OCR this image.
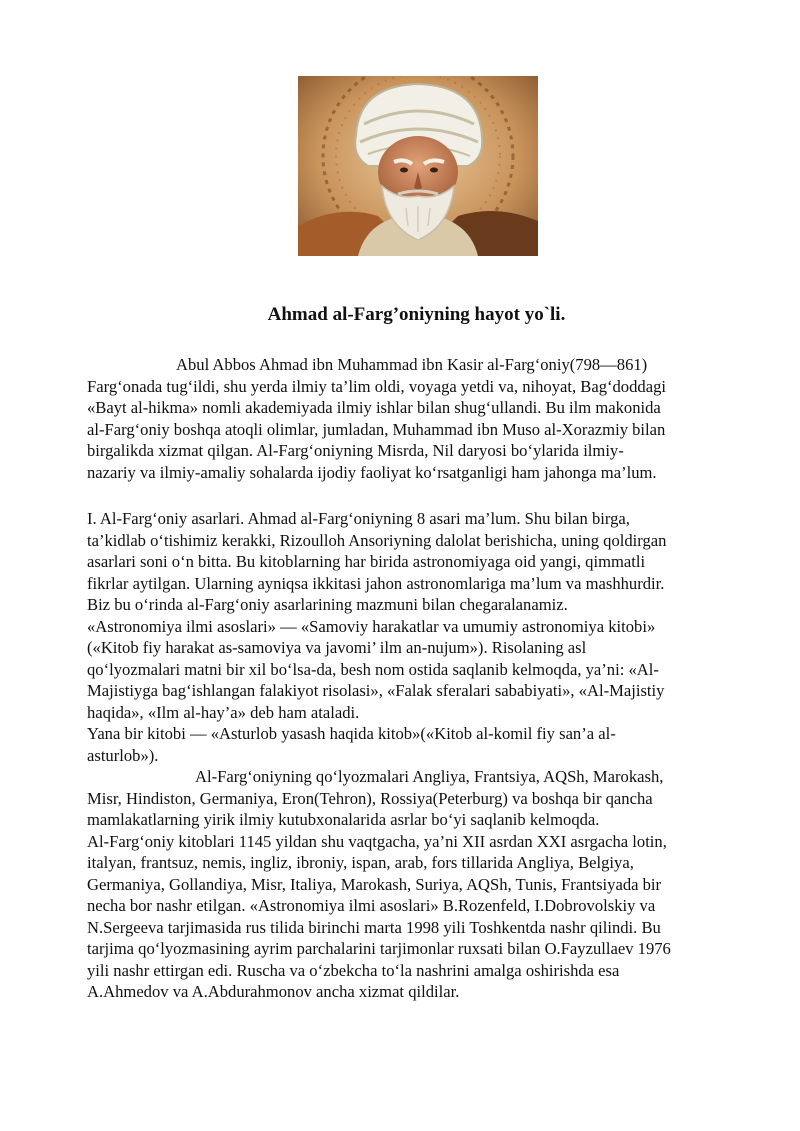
Ahmad al-Farg’oniyning hayot yo`li.
Abul Abbos Ahmad ibn Muhammad ibn Kasir al-Farg‘oniy(798—861)
Farg‘onada tug‘ildi, shu yerda ilmiy ta’lim oldi, voyaga yetdi va, nihoyat, Bag‘doddagi
«Bayt al-hikma» nomli akademiyada ilmiy ishlar bilan shug‘ullandi. Bu ilm makonida
al-Farg‘oniy boshqa atoqli olimlar, jumladan, Muhammad ibn Muso al-Xorazmiy bilan
birgalikda xizmat qilgan. Al-Farg‘oniyning Misrda, Nil daryosi bo‘ylarida ilmiy-
nazariy va ilmiy-amaliy sohalarda ijodiy faoliyat ko‘rsatganligi ham jahonga ma’lum.
I. Al-Farg‘oniy asarlari. Ahmad al-Farg‘oniyning 8 asari ma’lum. Shu bilan birga,
ta’kidlab o‘tishimiz kerakki, Rizoulloh Ansoriyning dalolat berishicha, uning qoldirgan
asarlari soni o‘n bitta. Bu kitoblarning har birida astronomiyaga oid yangi, qimmatli
fikrlar aytilgan. Ularning ayniqsa ikkitasi jahon astronomlariga ma’lum va mashhurdir.
Biz bu o‘rinda al-Farg‘oniy asarlarining mazmuni bilan chegaralanamiz.
«Astronomiya ilmi asoslari» — «Samoviy harakatlar va umumiy astronomiya kitobi»
(«Kitob fiy harakat as-samoviya va javomi’ ilm an-nujum»). Risolaning asl
qo‘lyozmalari matni bir xil bo‘lsa-da, besh nom ostida saqlanib kelmoqda, ya’ni: «Al-
Majistiyga bag‘ishlangan falakiyot risolasi», «Falak sferalari sababiyati», «Al-Majistiy
haqida», «Ilm al-hay’a» deb ham ataladi.
Yana bir kitobi — «Asturlob yasash haqida kitob»(«Kitob al-komil fiy san’a al-
asturlob»).
Al-Farg‘oniyning qo‘lyozmalari Angliya, Frantsiya, AQSh, Marokash,
Misr, Hindiston, Germaniya, Eron(Tehron), Rossiya(Peterburg) va boshqa bir qancha
mamlakatlarning yirik ilmiy kutubxonalarida asrlar bo‘yi saqlanib kelmoqda.
Al-Farg‘oniy kitoblari 1145 yildan shu vaqtgacha, ya’ni XII asrdan XXI asrgacha lotin,
italyan, frantsuz, nemis, ingliz, ibroniy, ispan, arab, fors tillarida Angliya, Belgiya,
Germaniya, Gollandiya, Misr, Italiya, Marokash, Suriya, AQSh, Tunis, Frantsiyada bir
necha bor nashr etilgan. «Astronomiya ilmi asoslari» B.Rozenfeld, I.Dobrovolskiy va
N.Sergeeva tarjimasida rus tilida birinchi marta 1998 yili Toshkentda nashr qilindi. Bu
tarjima qo‘lyozmasining ayrim parchalarini tarjimonlar ruxsati bilan O.Fayzullaev 1976
yili nashr ettirgan edi. Ruscha va o‘zbekcha to‘la nashrini amalga oshirishda esa
A.Ahmedov va A.Abdurahmonov ancha xizmat qildilar.
